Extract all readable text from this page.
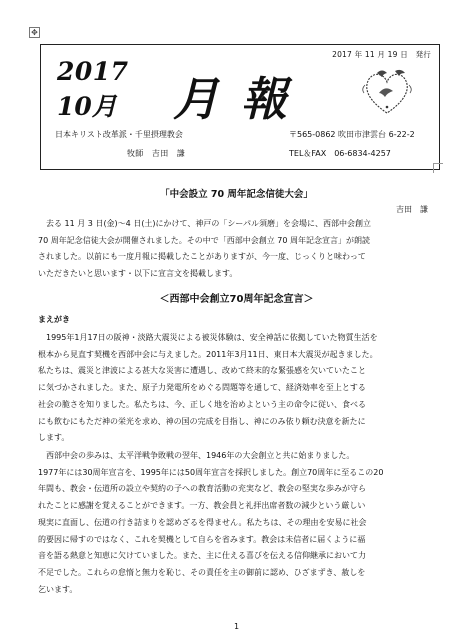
✥
2017 年 11 月 19 日　発行
2017
10月 月報
日本キリスト改革派・千里摂理教会
牧師　吉田　謙
〒565-0862 吹田市津雲台 6-22-2
TEL＆FAX　06-6834-4257
「中会設立 70 周年記念信徒大会」
吉田　謙
　去る 11 月 3 日(金)～4 日(土)にかけて、神戸の「シーパル須磨」を会場に、西部中会創立
70 周年記念信徒大会が開催されました。その中で「西部中会創立 70 周年記念宣言」が朗読
されました。以前にも一度月報に掲載したことがありますが、今一度、じっくりと味わって
いただきたいと思います・以下に宣言文を掲載します。
＜西部中会創立70周年記念宣言＞
まえがき
　1995年1月17日の阪神・淡路大震災による被災体験は、安全神話に依拠していた物質生活を
根本から見直す契機を西部中会に与えました。2011年3月11日、東日本大震災が起きました。
私たちは、震災と津波による甚大な災害に遭遇し、改めて終末的な緊張感を欠いていたこと
に気づかされました。また、原子力発電所をめぐる問題等を通して、経済効率を至上とする
社会の脆さを知りました。私たちは、今、正しく地を治めよという主の命令に従い、食べる
にも飲むにもただ神の栄光を求め、神の国の完成を目指し、神にのみ依り頼む決意を新たに
します。
　西部中会の歩みは、太平洋戦争敗戦の翌年、1946年の大会創立と共に始まりました。
1977年には30周年宣言を、1995年には50周年宣言を採択しました。創立70周年に至るこの20
年間も、教会・伝道所の設立や契約の子への教育活動の充実など、教会の堅実な歩みが守ら
れたことに感謝を覚えることができます。一方、教会員と礼拝出席者数の減少という厳しい
現実に直面し、伝道の行き詰まりを認めざるを得ません。私たちは、その理由を安易に社会
的要因に帰すのではなく、これを契機として自らを省みます。教会は未信者に届くように福
音を語る熱意と知恵に欠けていました。また、主に仕える喜びを伝える信仰継承において力
不足でした。これらの怠惰と無力を恥じ、その責任を主の御前に認め、ひざまずき、赦しを
乞います。
1
